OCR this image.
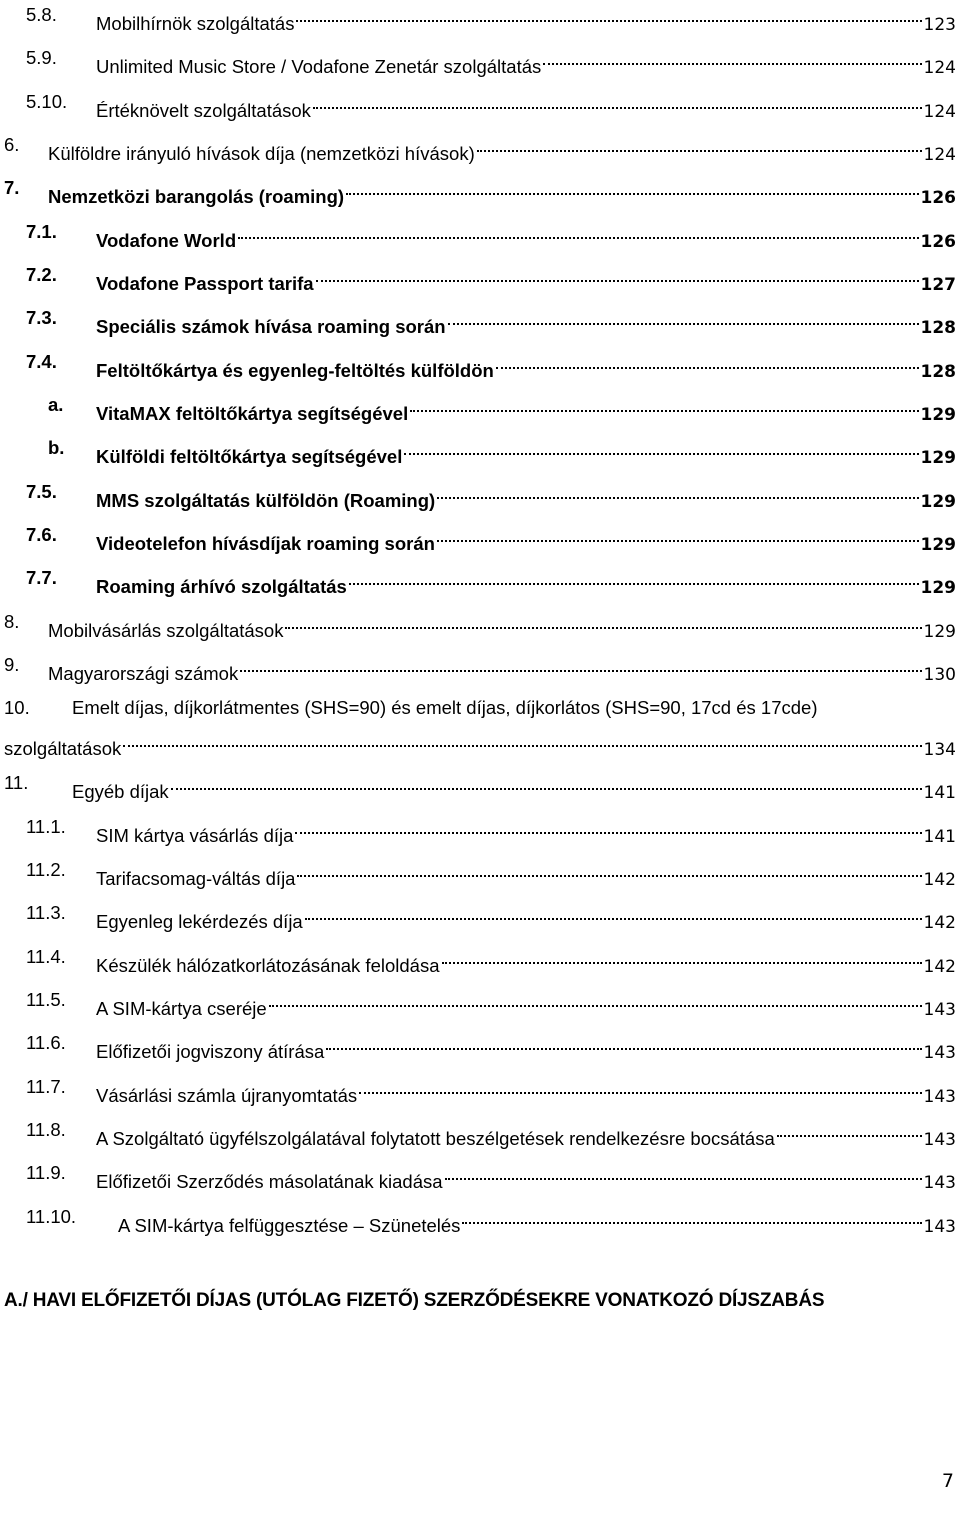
5.8. Mobilhírnök szolgáltatás	123
5.9. Unlimited Music Store / Vodafone Zenetár szolgáltatás	124
5.10. Értéknövelt szolgáltatások	124
6. Külföldre irányuló hívások díja (nemzetközi hívások)	124
7. Nemzetközi barangolás (roaming)	126
7.1. Vodafone World	126
7.2. Vodafone Passport tarifa	127
7.3. Speciális számok hívása roaming során	128
7.4. Feltöltőkártya és egyenleg-feltöltés külföldön	128
a. VitaMAX feltöltőkártya segítségével	129
b. Külföldi feltöltőkártya segítségével	129
7.5. MMS szolgáltatás külföldön (Roaming)	129
7.6. Videotelefon hívásdíjak roaming során	129
7.7. Roaming árhívó szolgáltatás	129
8. Mobilvásárlás szolgáltatások	129
9. Magyarországi számok	130
10. Emelt díjas, díjkorlátmentes (SHS=90) és emelt díjas, díjkorlátos (SHS=90, 17cd és 17cde)
szolgáltatások	134
11. Egyéb díjak	141
11.1. SIM kártya vásárlás díja	141
11.2. Tarifacsomag-váltás díja	142
11.3. Egyenleg lekérdezés díja	142
11.4. Készülék hálózatkorlátozásának feloldása	142
11.5. A SIM-kártya cseréje	143
11.6. Előfizetői jogviszony átírása	143
11.7. Vásárlási számla újranyomtatás	143
11.8. A Szolgáltató ügyfélszolgálatával folytatott beszélgetések rendelkezésre bocsátása	143
11.9. Előfizetői Szerződés másolatának kiadása	143
11.10. A SIM-kártya felfüggesztése – Szünetelés	143
A./ HAVI ELŐFIZETŐI DÍJAS (UTÓLAG FIZETŐ) SZERZŐDÉSEKRE VONATKOZÓ DÍJSZABÁS
7
